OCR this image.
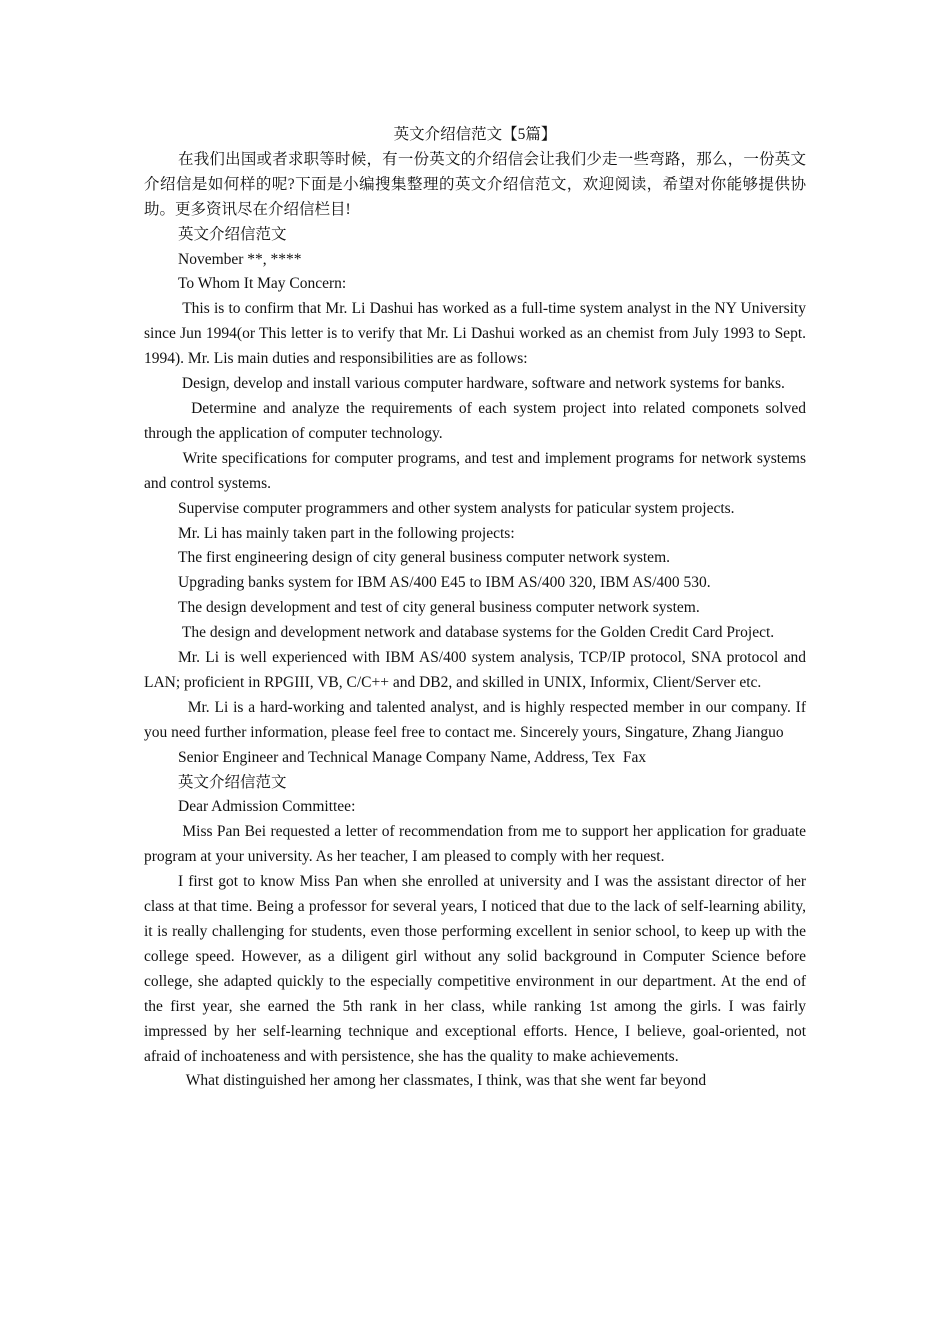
英文介绍信范文【5篇】

在我们出国或者求职等时候，有一份英文的介绍信会让我们少走一些弯路，那么，一份英文介绍信是如何样的呢?下面是小编搜集整理的英文介绍信范文，欢迎阅读，希望对你能够提供协助。更多资讯尽在介绍信栏目!

英文介绍信范文

November **, ****

To Whom It May Concern:

This is to confirm that Mr. Li Dashui has worked as a full-time system analyst in the NY University since Jun 1994(or This letter is to verify that Mr. Li Dashui worked as an chemist from July 1993 to Sept. 1994). Mr. Lis main duties and responsibilities are as follows:

Design, develop and install various computer hardware, software and network systems for banks.

Determine and analyze the requirements of each system project into related componets solved through the application of computer technology.

Write specifications for computer programs, and test and implement programs for network systems and control systems.

Supervise computer programmers and other system analysts for paticular system projects.

Mr. Li has mainly taken part in the following projects:

The first engineering design of city general business computer network system.

Upgrading banks system for IBM AS/400 E45 to IBM AS/400 320, IBM AS/400 530.

The design development and test of city general business computer network system.

The design and development network and database systems for the Golden Credit Card Project.

Mr. Li is well experienced with IBM AS/400 system analysis, TCP/IP protocol, SNA protocol and LAN; proficient in RPGIII, VB, C/C++ and DB2, and skilled in UNIX, Informix, Client/Server etc.

Mr. Li is a hard-working and talented analyst, and is highly respected member in our company. If you need further information, please feel free to contact me. Sincerely yours, Singature, Zhang Jianguo

Senior Engineer and Technical Manage Company Name, Address, Tex  Fax

英文介绍信范文

Dear Admission Committee:

Miss Pan Bei requested a letter of recommendation from me to support her application for graduate program at your university. As her teacher, I am pleased to comply with her request.

I first got to know Miss Pan when she enrolled at university and I was the assistant director of her class at that time. Being a professor for several years, I noticed that due to the lack of self-learning ability, it is really challenging for students, even those performing excellent in senior school, to keep up with the college speed. However, as a diligent girl without any solid background in Computer Science before college, she adapted quickly to the especially competitive environment in our department. At the end of the first year, she earned the 5th rank in her class, while ranking 1st among the girls. I was fairly impressed by her self-learning technique and exceptional efforts. Hence, I believe, goal-oriented, not afraid of inchoateness and with persistence, she has the quality to make achievements.

What distinguished her among her classmates, I think, was that she went far beyond
